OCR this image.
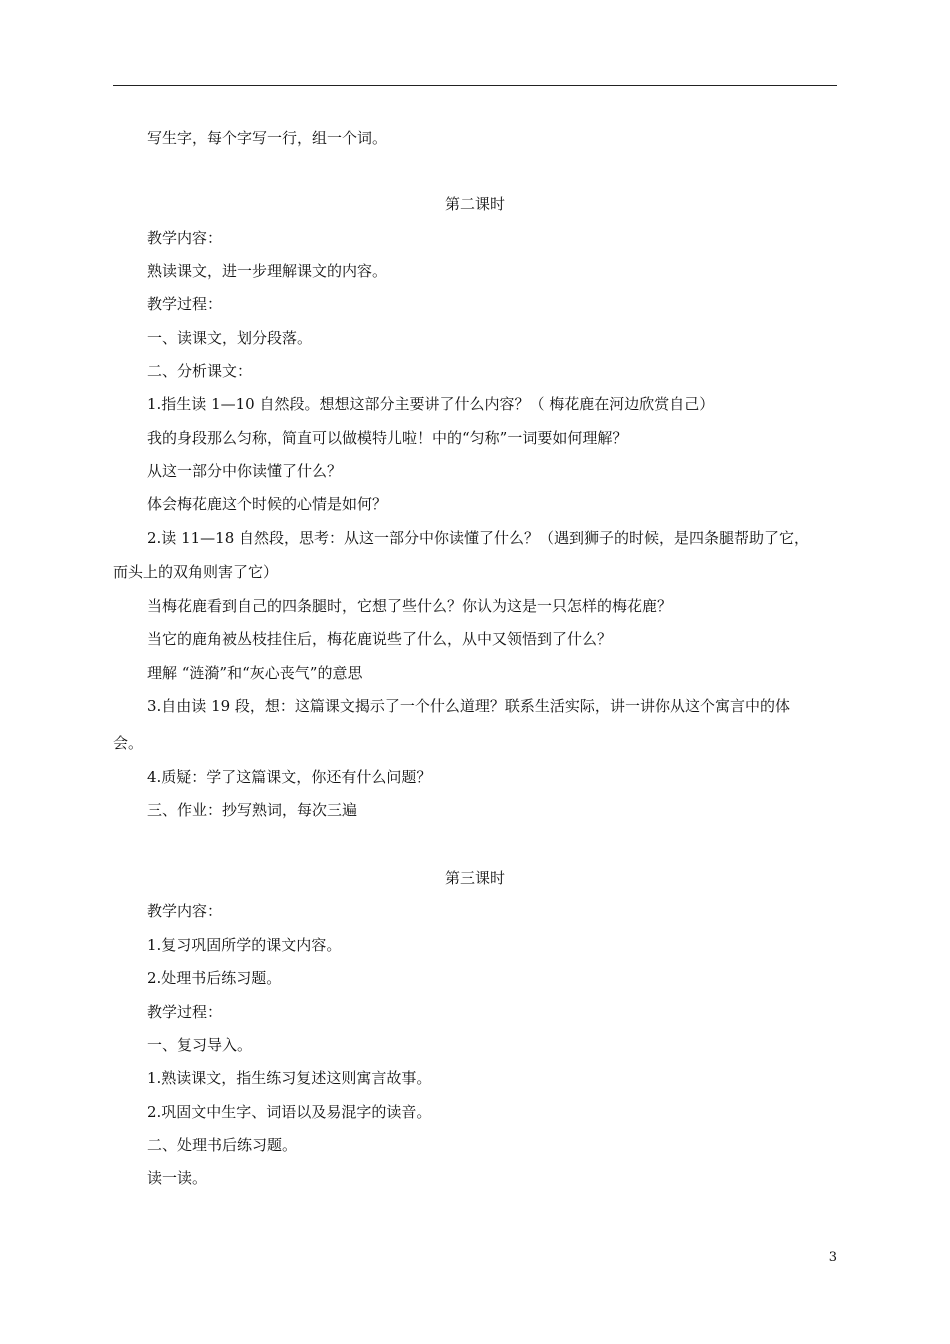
写生字，每个字写一行，组一个词。
第二课时
教学内容：
熟读课文，进一步理解课文的内容。
教学过程：
一、读课文，划分段落。
二、分析课文：
1.指生读 1—10 自然段。想想这部分主要讲了什么内容？（ 梅花鹿在河边欣赏自己）
我的身段那么匀称，简直可以做模特儿啦！中的“匀称”一词要如何理解？
从这一部分中你读懂了什么？
体会梅花鹿这个时候的心情是如何？
2.读 11—18 自然段，思考：从这一部分中你读懂了什么？（遇到狮子的时候，是四条腿帮助了它，
而头上的双角则害了它）
当梅花鹿看到自己的四条腿时，它想了些什么？你认为这是一只怎样的梅花鹿？
当它的鹿角被丛枝挂住后，梅花鹿说些了什么，从中又领悟到了什么？
理解 “涟漪”和“灰心丧气”的意思
3.自由读 19 段，想：这篇课文揭示了一个什么道理？联系生活实际，讲一讲你从这个寓言中的体
会。
4.质疑：学了这篇课文，你还有什么问题？
三、作业：抄写熟词，每次三遍
第三课时
教学内容：
1.复习巩固所学的课文内容。
2.处理书后练习题。
教学过程：
一、复习导入。
1.熟读课文，指生练习复述这则寓言故事。
2.巩固文中生字、词语以及易混字的读音。
二、处理书后练习题。
读一读。
3
